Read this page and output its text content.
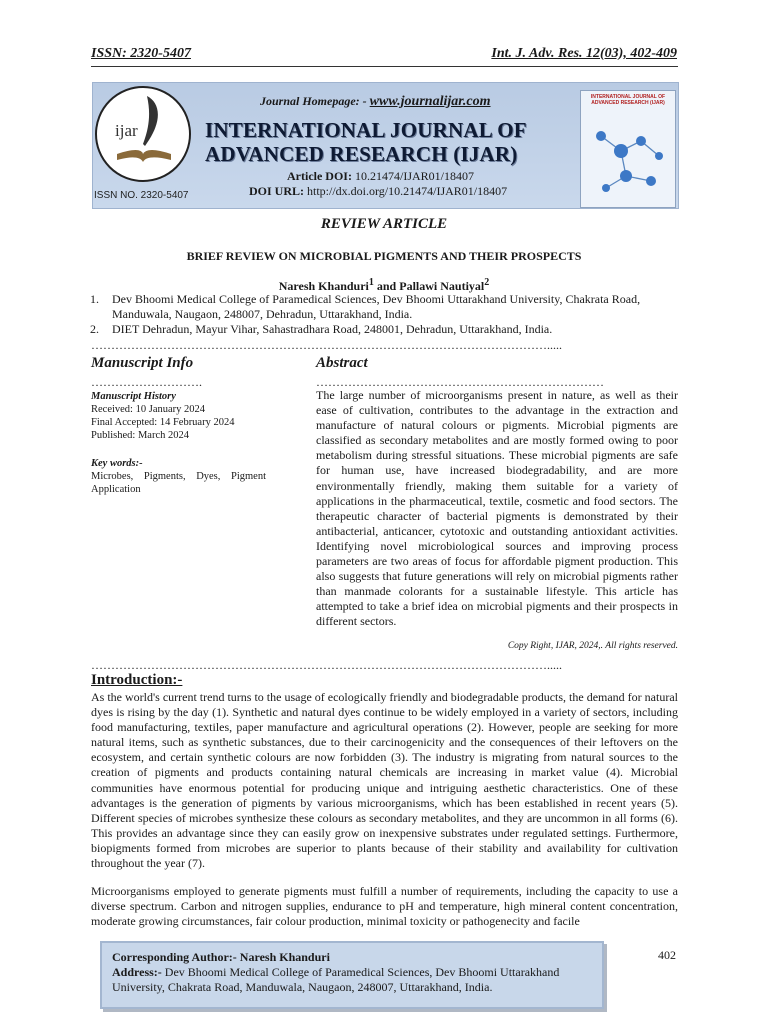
ISSN: 2320-5407	Int. J. Adv. Res. 12(03), 402-409
ijar
ISSN NO. 2320-5407
Journal Homepage: - www.journalijar.com
INTERNATIONAL JOURNAL OF ADVANCED RESEARCH (IJAR)
Article DOI: 10.21474/IJAR01/18407
DOI URL: http://dx.doi.org/10.21474/IJAR01/18407
INTERNATIONAL JOURNAL OF ADVANCED RESEARCH (IJAR)
REVIEW ARTICLE
BRIEF REVIEW ON MICROBIAL PIGMENTS AND THEIR PROSPECTS
Naresh Khanduri$^1$ and Pallawi Nautiyal$^2$
1.	Dev Bhoomi Medical College of Paramedical Sciences, Dev Bhoomi Uttarakhand University, Chakrata Road, Manduwala, Naugaon, 248007, Dehradun, Uttarakhand, India.
2.	DIET Dehradun, Mayur Vihar, Sahastradhara Road, 248001, Dehradun, Uttarakhand, India.
…………………………………………………………………………………………………….....
Manuscript Info
……………………….
Manuscript History
Received: 10 January 2024
Final Accepted: 14 February 2024
Published: March 2024
Key words:-
Microbes, Pigments, Dyes, Pigment Application
Abstract
………………………………………………………………
The large number of microorganisms present in nature, as well as their ease of cultivation, contributes to the advantage in the extraction and manufacture of natural colours or pigments. Microbial pigments are classified as secondary metabolites and are mostly formed owing to poor metabolism during stressful situations. These microbial pigments are safe for human use, have increased biodegradability, and are more environmentally friendly, making them suitable for a variety of applications in the pharmaceutical, textile, cosmetic and food sectors. The therapeutic character of bacterial pigments is demonstrated by their antibacterial, anticancer, cytotoxic and outstanding antioxidant activities. Identifying novel microbiological sources and improving process parameters are two areas of focus for affordable pigment production. This also suggests that future generations will rely on microbial pigments rather than manmade colorants for a sustainable lifestyle. This article has attempted to take a brief idea on microbial pigments and their prospects in different sectors.
Copy Right, IJAR, 2024,. All rights reserved.
…………………………………………………………………………………………………….....
Introduction:-
As the world's current trend turns to the usage of ecologically friendly and biodegradable products, the demand for natural dyes is rising by the day (1). Synthetic and natural dyes continue to be widely employed in a variety of sectors, including food manufacturing, textiles, paper manufacture and agricultural operations (2). However, people are seeking for more natural items, such as synthetic substances, due to their carcinogenicity and the consequences of their leftovers on the ecosystem, and certain synthetic colours are now forbidden (3). The industry is migrating from natural sources to the creation of pigments and products containing natural chemicals are increasing in market value (4). Microbial communities have enormous potential for producing unique and intriguing aesthetic characteristics. One of these advantages is the generation of pigments by various microorganisms, which has been established in recent years (5). Different species of microbes synthesize these colours as secondary metabolites, and they are uncommon in all forms (6). This provides an advantage since they can easily grow on inexpensive substrates under regulated settings. Furthermore, biopigments formed from microbes are superior to plants because of their stability and availability for cultivation throughout the year (7).
Microorganisms employed to generate pigments must fulfill a number of requirements, including the capacity to use a diverse spectrum. Carbon and nitrogen supplies, endurance to pH and temperature, high mineral content concentration, moderate growing circumstances, fair colour production, minimal toxicity or pathogenecity and facile
Corresponding Author:- Naresh Khanduri
Address:- Dev Bhoomi Medical College of Paramedical Sciences, Dev Bhoomi Uttarakhand University, Chakrata Road, Manduwala, Naugaon, 248007, Uttarakhand, India.
402
